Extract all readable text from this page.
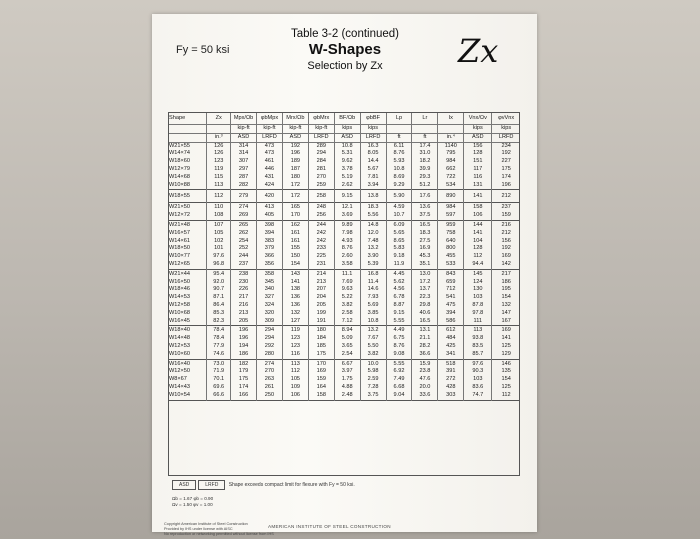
Fy = 50 ksi
Table 3-2 (continued)
W-Shapes
Selection by Zx	Zx
Shape	Zx	Mpx/Ωb	φbMpx	Mrx/Ωb	φbMrx	BF/Ωb	φbBF	Lp	Lr	Ix	Vnx/Ωv	φvVnx
		kip-ft	kip-ft	kip-ft	kip-ft	kips	kips				kips	kips
	in.³	ASD	LRFD	ASD	LRFD	ASD	LRFD	ft	ft	in.⁴	ASD	LRFD
W21×55	126	314	473	192	289	10.8	16.3	6.11	17.4	1140	156	234
W14×74	126	314	473	196	294	5.31	8.05	8.76	31.0	795	128	192
W18×60	123	307	461	189	284	9.62	14.4	5.93	18.2	984	151	227
W12×79	119	297	446	187	281	3.78	5.67	10.8	39.9	662	117	175
W14×68	115	287	431	180	270	5.19	7.81	8.69	29.3	722	116	174
W10×88	113	282	424	172	259	2.62	3.94	9.29	51.2	534	131	196
W18×55	112	279	420	172	258	9.15	13.8	5.90	17.6	890	141	212
W21×50	110	274	413	165	248	12.1	18.3	4.59	13.6	984	158	237
W12×72	108	269	405	170	256	3.69	5.56	10.7	37.5	597	106	159
W21×48	107	265	398	162	244	9.89	14.8	6.09	16.5	959	144	216
W16×57	105	262	394	161	242	7.98	12.0	5.65	18.3	758	141	212
W14×61	102	254	383	161	242	4.93	7.48	8.65	27.5	640	104	156
W18×50	101	252	379	155	233	8.76	13.2	5.83	16.9	800	128	192
W10×77	97.6	244	366	150	225	2.60	3.90	9.18	45.3	455	112	169
W12×65	96.8	237	356	154	231	3.58	5.39	11.9	35.1	533	94.4	142
W21×44	95.4	238	358	143	214	11.1	16.8	4.45	13.0	843	145	217
W16×50	92.0	230	345	141	213	7.69	11.4	5.62	17.2	659	124	186
W18×46	90.7	226	340	138	207	9.63	14.6	4.56	13.7	712	130	195
W14×53	87.1	217	327	136	204	5.22	7.93	6.78	22.3	541	103	154
W12×58	86.4	216	324	136	205	3.82	5.69	8.87	29.8	475	87.8	132
W10×68	85.3	213	320	132	199	2.58	3.85	9.15	40.6	394	97.8	147
W16×45	82.3	205	309	127	191	7.12	10.8	5.55	16.5	586	111	167
W18×40	78.4	196	294	119	180	8.94	13.2	4.49	13.1	612	113	169
W14×48	78.4	196	294	123	184	5.09	7.67	6.75	21.1	484	93.8	141
W12×53	77.9	194	292	123	185	3.65	5.50	8.76	28.2	425	83.5	125
W10×60	74.6	186	280	116	175	2.54	3.82	9.08	36.6	341	85.7	129
W16×40	73.0	182	274	113	170	6.67	10.0	5.55	15.9	518	97.6	146
W12×50	71.9	179	270	112	169	3.97	5.98	6.92	23.8	391	90.3	135
W8×67	70.1	175	263	105	159	1.75	2.59	7.49	47.6	272	103	154
W14×43	69.6	174	261	109	164	4.88	7.28	6.68	20.0	428	83.6	125
W10×54	66.6	166	250	106	158	2.48	3.75	9.04	33.6	303	74.7	112
ASD	LRFD Shape exceeds compact limit for flexure with Fy = 50 ksi.
Ωb = 1.67 φb = 0.90
Ωv = 1.50 φv = 1.00
Copyright American Institute of Steel Construction
Provided by IHS under license with AISC
No reproduction or networking permitted without license from IHS
AMERICAN INSTITUTE OF STEEL CONSTRUCTION
